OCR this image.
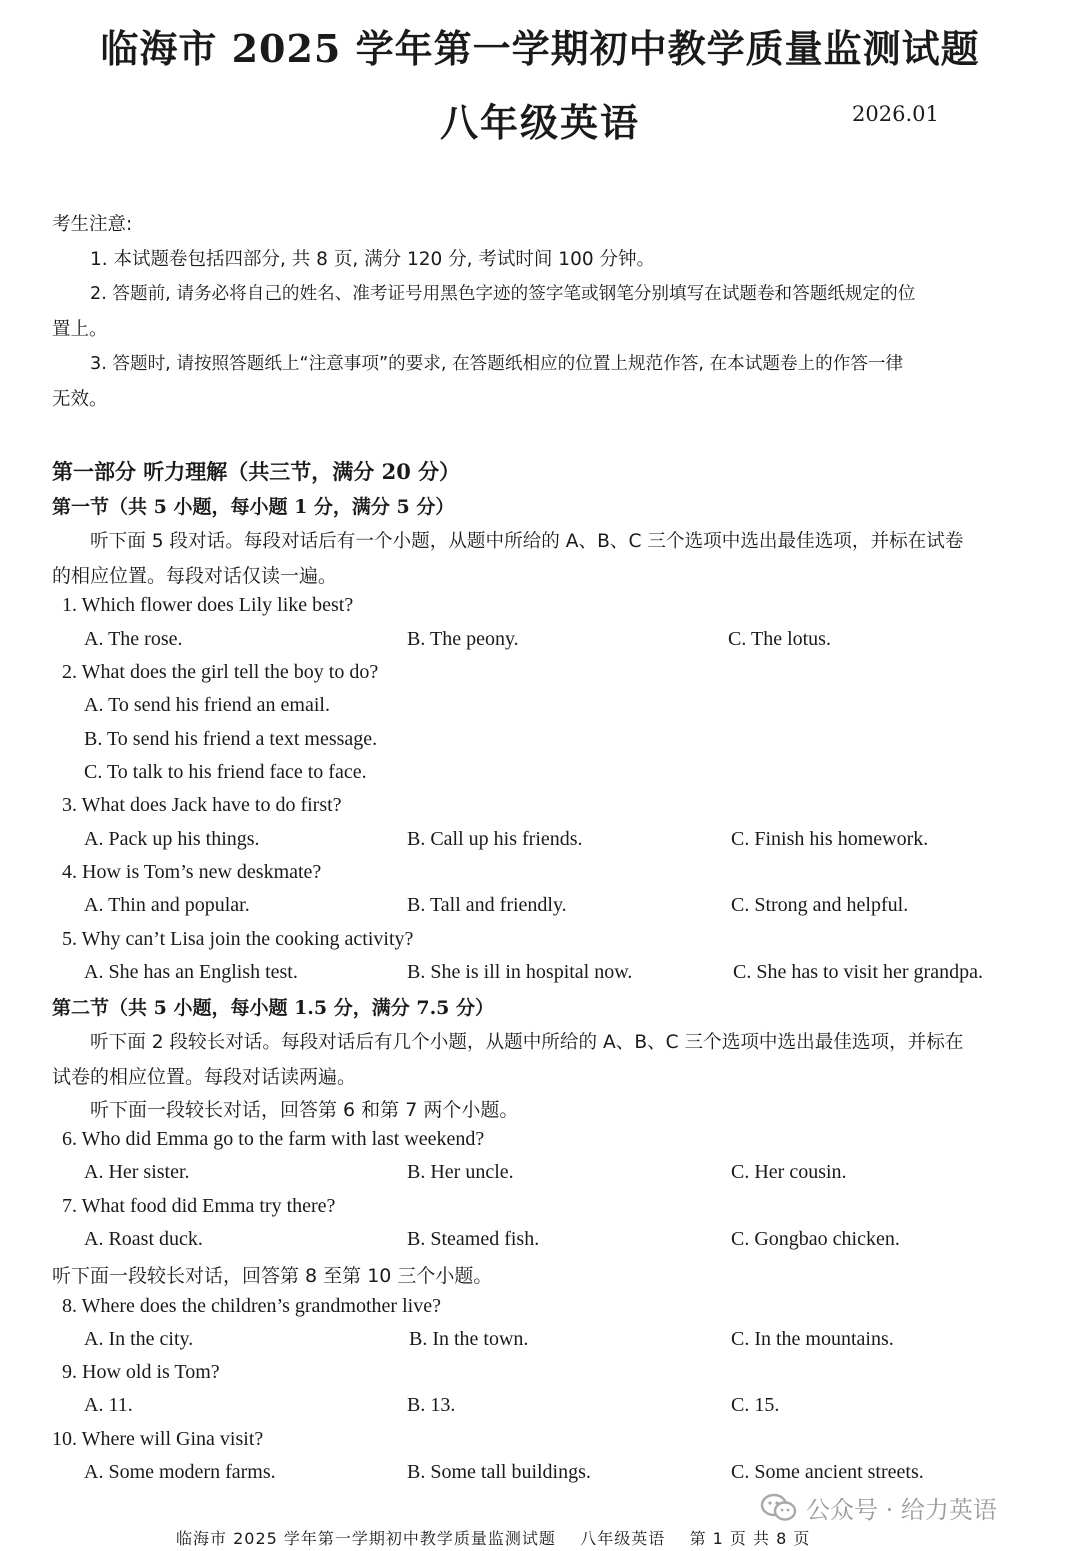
临海市 2025 学年第一学期初中教学质量监测试题
八年级英语	2026.01
考生注意:
1. 本试题卷包括四部分, 共 8 页, 满分 120 分, 考试时间 100 分钟。
2. 答题前, 请务必将自己的姓名、准考证号用黑色字迹的签字笔或钢笔分别填写在试题卷和答题纸规定的位
置上。
3. 答题时, 请按照答题纸上“注意事项”的要求, 在答题纸相应的位置上规范作答, 在本试题卷上的作答一律
无效。
第一部分 听力理解（共三节，满分 20 分）
第一节（共 5 小题，每小题 1 分，满分 5 分）
听下面 5 段对话。每段对话后有一个小题，从题中所给的 A、B、C 三个选项中选出最佳选项，并标在试卷
的相应位置。每段对话仅读一遍。
1. Which flower does Lily like best?
A. The rose.	B. The peony.	C. The lotus.
2. What does the girl tell the boy to do?
A. To send his friend an email.
B. To send his friend a text message.
C. To talk to his friend face to face.
3. What does Jack have to do first?
A. Pack up his things.	B. Call up his friends.	C. Finish his homework.
4. How is Tom’s new deskmate?
A. Thin and popular.	B. Tall and friendly.	C. Strong and helpful.
5. Why can’t Lisa join the cooking activity?
A. She has an English test.	B. She is ill in hospital now.	C. She has to visit her grandpa.
第二节（共 5 小题，每小题 1.5 分，满分 7.5 分）
听下面 2 段较长对话。每段对话后有几个小题，从题中所给的 A、B、C 三个选项中选出最佳选项，并标在
试卷的相应位置。每段对话读两遍。
听下面一段较长对话，回答第 6 和第 7 两个小题。
6. Who did Emma go to the farm with last weekend?
A. Her sister.	B. Her uncle.	C. Her cousin.
7. What food did Emma try there?
A. Roast duck.	B. Steamed fish.	C. Gongbao chicken.
听下面一段较长对话，回答第 8 至第 10 三个小题。
8. Where does the children’s grandmother live?
A. In the city.	B. In the town.	C. In the mountains.
9. How old is Tom?
A. 11.	B. 13.	C. 15.
10. Where will Gina visit?
A. Some modern farms.	B. Some tall buildings.	C. Some ancient streets.
公众号 · 给力英语
临海市 2025 学年第一学期初中教学质量监测试题    八年级英语    第 1 页 共 8 页
